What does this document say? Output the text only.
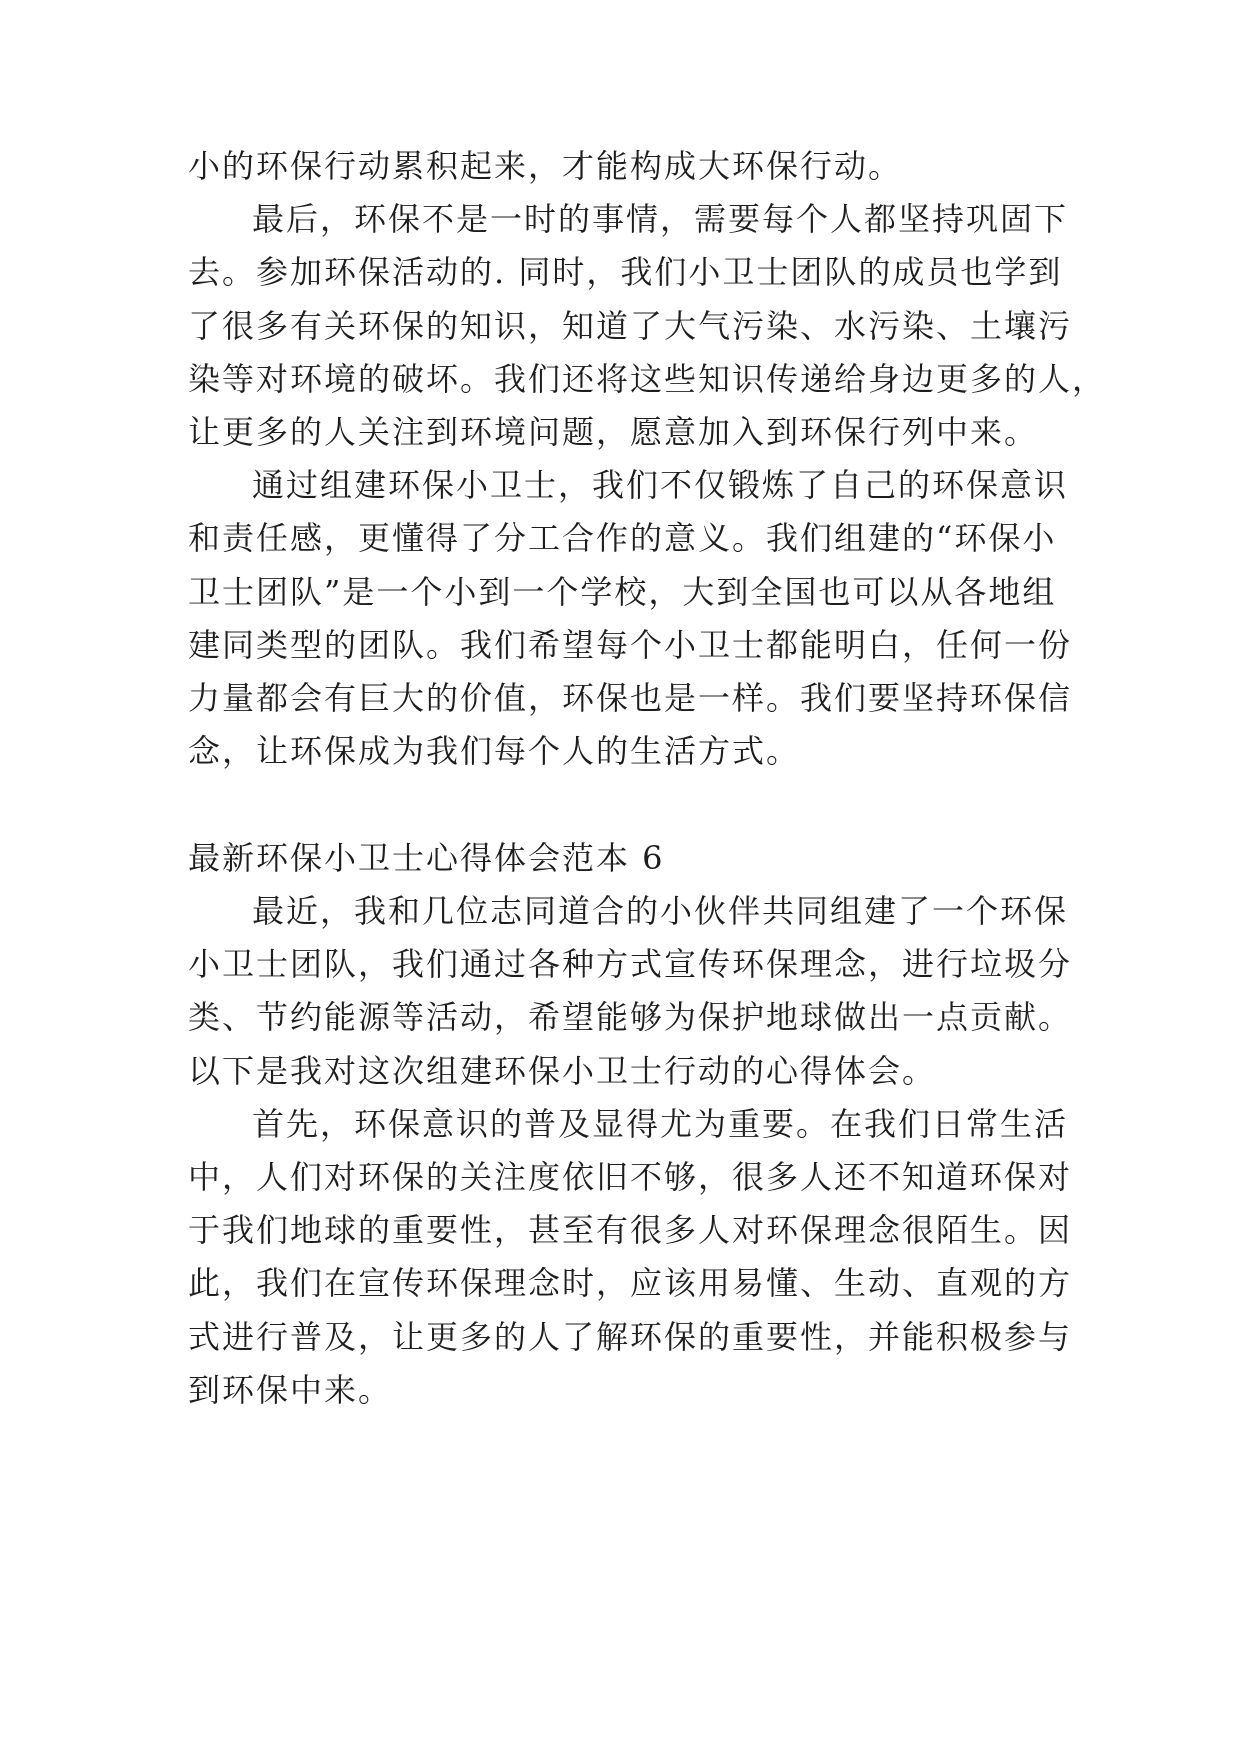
小的环保行动累积起来，才能构成大环保行动。
最后，环保不是一时的事情，需要每个人都坚持巩固下
去。参加环保活动的. 同时，我们小卫士团队的成员也学到
了很多有关环保的知识，知道了大气污染、水污染、土壤污
染等对环境的破坏。我们还将这些知识传递给身边更多的人，
让更多的人关注到环境问题，愿意加入到环保行列中来。
通过组建环保小卫士，我们不仅锻炼了自己的环保意识
和责任感，更懂得了分工合作的意义。我们组建的“环保小
卫士团队”是一个小到一个学校，大到全国也可以从各地组
建同类型的团队。我们希望每个小卫士都能明白，任何一份
力量都会有巨大的价值，环保也是一样。我们要坚持环保信
念，让环保成为我们每个人的生活方式。
最新环保小卫士心得体会范本 6
最近，我和几位志同道合的小伙伴共同组建了一个环保
小卫士团队，我们通过各种方式宣传环保理念，进行垃圾分
类、节约能源等活动，希望能够为保护地球做出一点贡献。
以下是我对这次组建环保小卫士行动的心得体会。
首先，环保意识的普及显得尤为重要。在我们日常生活
中，人们对环保的关注度依旧不够，很多人还不知道环保对
于我们地球的重要性，甚至有很多人对环保理念很陌生。因
此，我们在宣传环保理念时，应该用易懂、生动、直观的方
式进行普及，让更多的人了解环保的重要性，并能积极参与
到环保中来。
